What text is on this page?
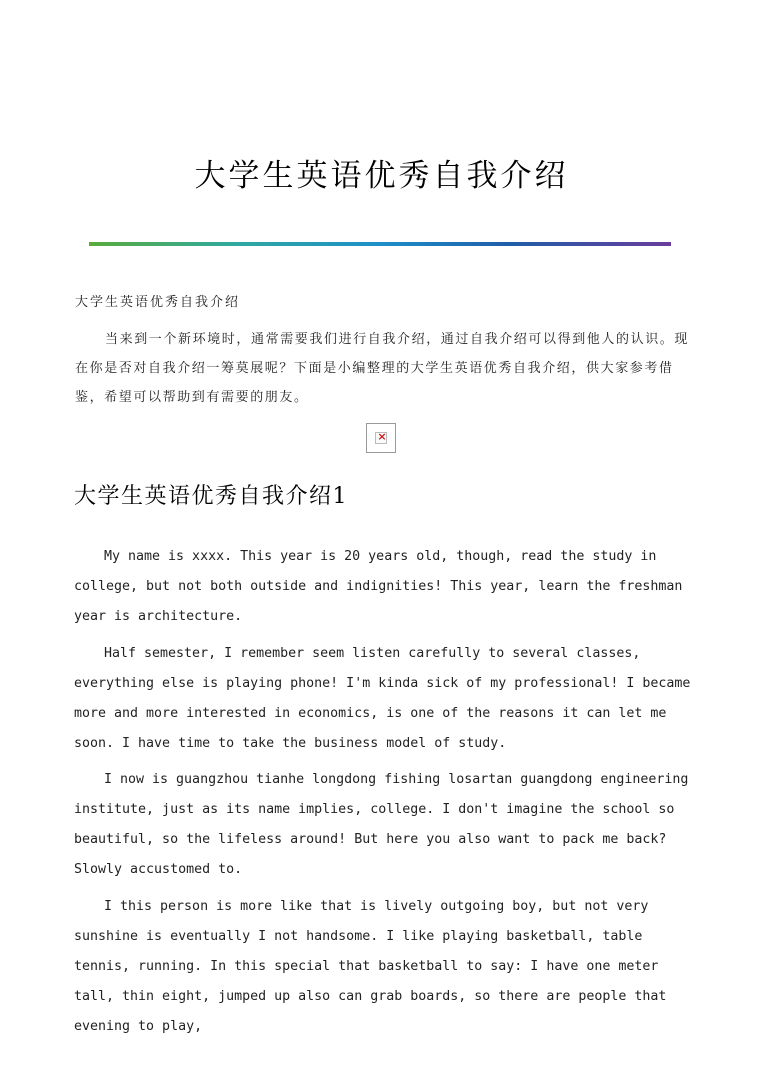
大学生英语优秀自我介绍
大学生英语优秀自我介绍

当来到一个新环境时，通常需要我们进行自我介绍，通过自我介绍可以得到他人的认识。现在你是否对自我介绍一筹莫展呢？下面是小编整理的大学生英语优秀自我介绍，供大家参考借鉴，希望可以帮助到有需要的朋友。

×
大学生英语优秀自我介绍1

My name is xxxx. This year is 20 years old, though, read the study in college, but not both outside and indignities! This year, learn the freshman year is architecture.

Half semester, I remember seem listen carefully to several classes, everything else is playing phone! I'm kinda sick of my professional! I became more and more interested in economics, is one of the reasons it can let me soon. I have time to take the business model of study.

I now is guangzhou tianhe longdong fishing losartan guangdong engineering institute, just as its name implies, college. I don't imagine the school so beautiful, so the lifeless around! But here you also want to pack me back? Slowly accustomed to.

I this person is more like that is lively outgoing boy, but not very sunshine is eventually I not handsome. I like playing basketball, table tennis, running. In this special that basketball to say: I have one meter tall, thin eight, jumped up also can grab boards, so there are people that evening to play,
